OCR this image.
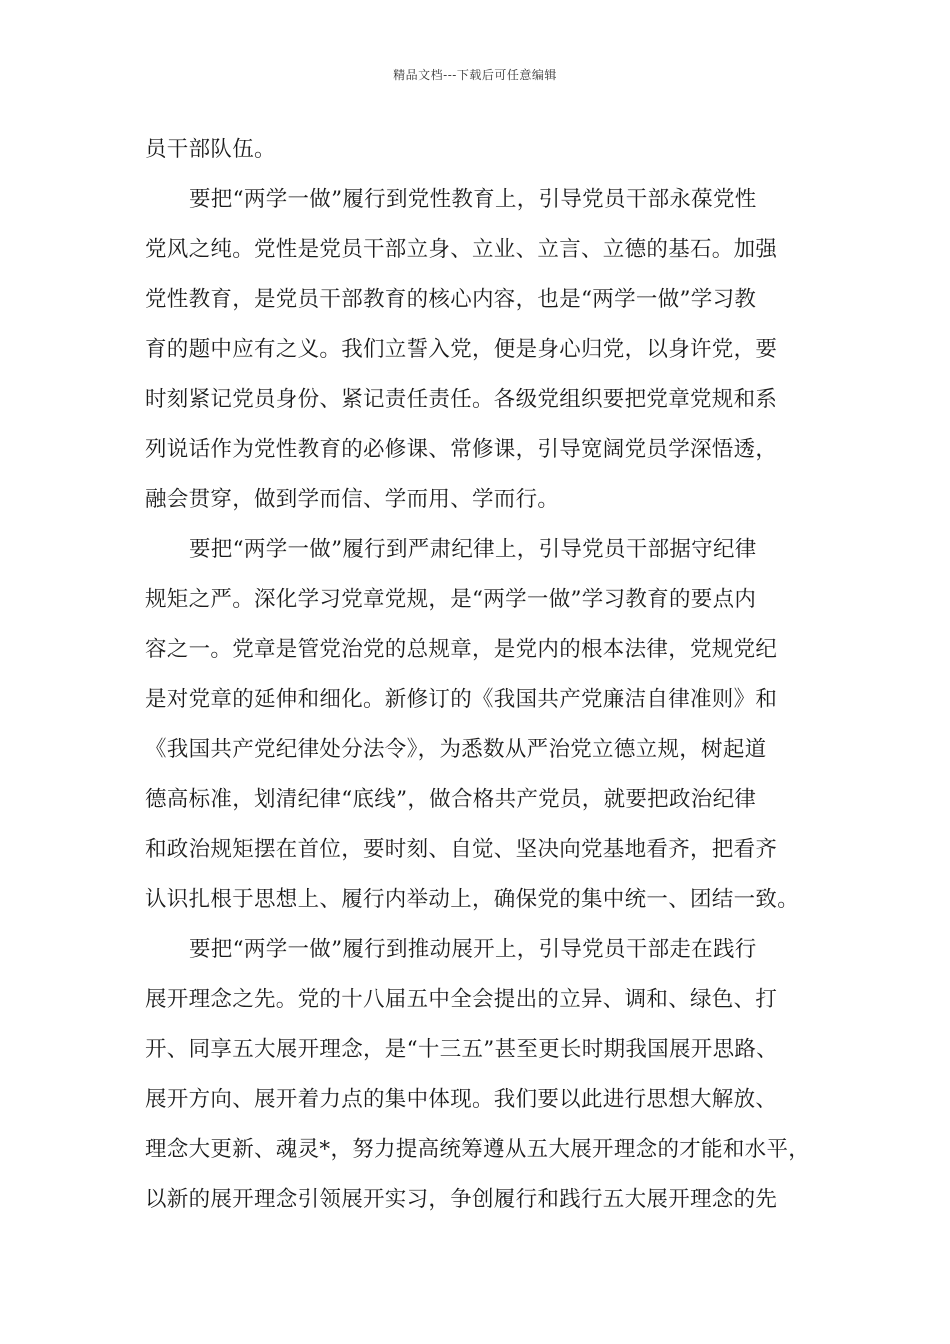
精品文档---下载后可任意编辑
员干部队伍。
要把“两学一做”履行到党性教育上，引导党员干部永葆党性
党风之纯。党性是党员干部立身、立业、立言、立德的基石。加强
党性教育，是党员干部教育的核心内容，也是“两学一做”学习教
育的题中应有之义。我们立誓入党，便是身心归党，以身许党，要
时刻紧记党员身份、紧记责任责任。各级党组织要把党章党规和系
列说话作为党性教育的必修课、常修课，引导宽阔党员学深悟透，
融会贯穿，做到学而信、学而用、学而行。
要把“两学一做”履行到严肃纪律上，引导党员干部据守纪律
规矩之严。深化学习党章党规，是“两学一做”学习教育的要点内
容之一。党章是管党治党的总规章，是党内的根本法律，党规党纪
是对党章的延伸和细化。新修订的《我国共产党廉洁自律准则》和
《我国共产党纪律处分法令》，为悉数从严治党立德立规，树起道
德高标准，划清纪律“底线”，做合格共产党员，就要把政治纪律
和政治规矩摆在首位，要时刻、自觉、坚决向党基地看齐，把看齐
认识扎根于思想上、履行内举动上，确保党的集中统一、团结一致。
要把“两学一做”履行到推动展开上，引导党员干部走在践行
展开理念之先。党的十八届五中全会提出的立异、调和、绿色、打
开、同享五大展开理念，是“十三五”甚至更长时期我国展开思路、
展开方向、展开着力点的集中体现。我们要以此进行思想大解放、
理念大更新、魂灵*，努力提高统筹遵从五大展开理念的才能和水平，
以新的展开理念引领展开实习，争创履行和践行五大展开理念的先
